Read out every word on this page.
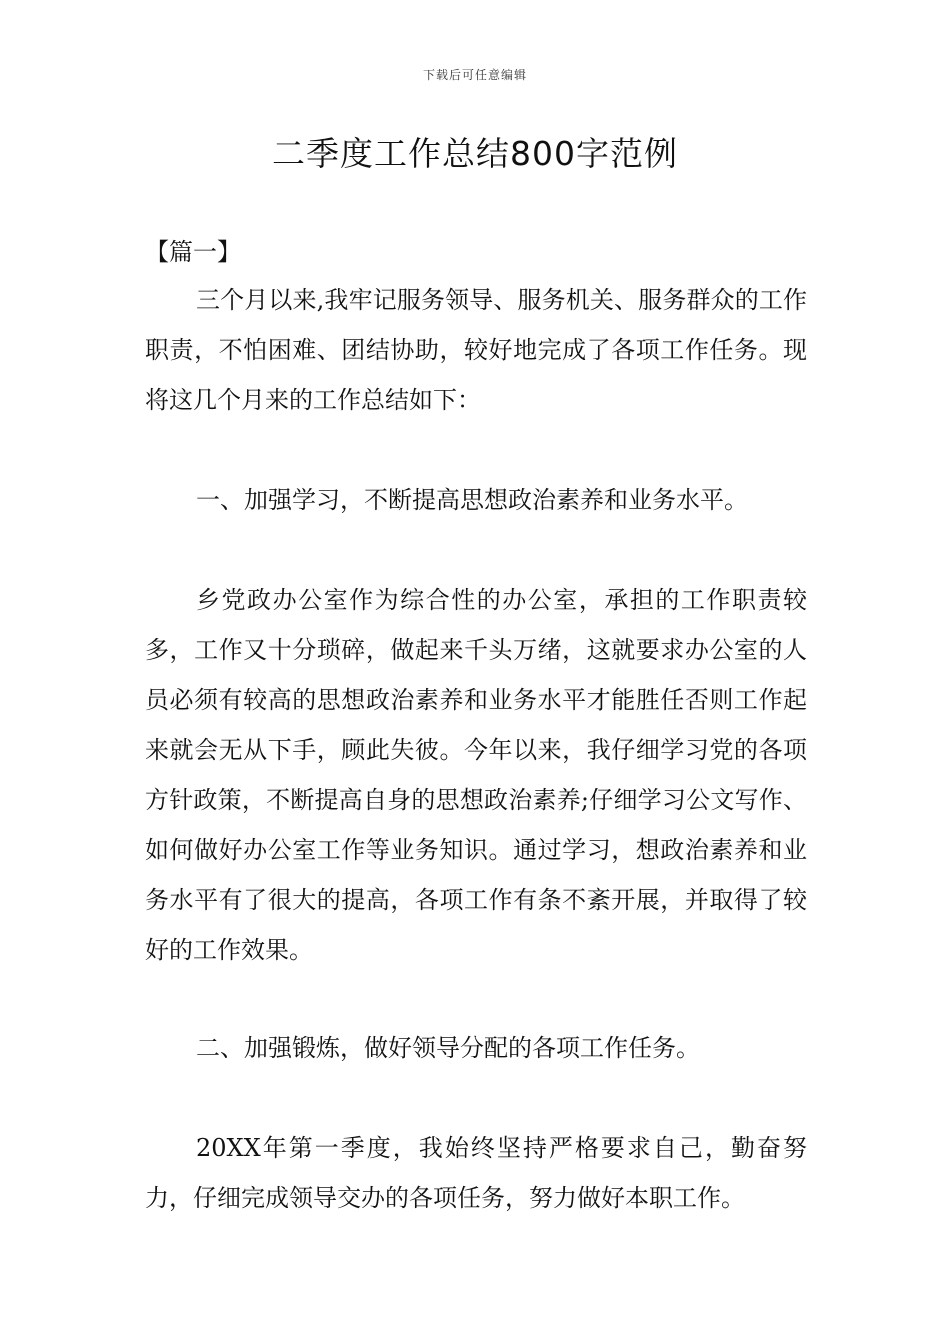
下载后可任意编辑
二季度工作总结800字范例
【篇一】
三个月以来,我牢记服务领导、服务机关、服务群众的工作职责，不怕困难、团结协助，较好地完成了各项工作任务。现将这几个月来的工作总结如下：
一、加强学习，不断提高思想政治素养和业务水平。
乡党政办公室作为综合性的办公室，承担的工作职责较多，工作又十分琐碎，做起来千头万绪，这就要求办公室的人员必须有较高的思想政治素养和业务水平才能胜任否则工作起来就会无从下手，顾此失彼。今年以来，我仔细学习党的各项方针政策，不断提高自身的思想政治素养;仔细学习公文写作、如何做好办公室工作等业务知识。通过学习，想政治素养和业务水平有了很大的提高，各项工作有条不紊开展，并取得了较好的工作效果。
二、加强锻炼，做好领导分配的各项工作任务。
20XX年第一季度，我始终坚持严格要求自己，勤奋努力，仔细完成领导交办的各项任务，努力做好本职工作。
